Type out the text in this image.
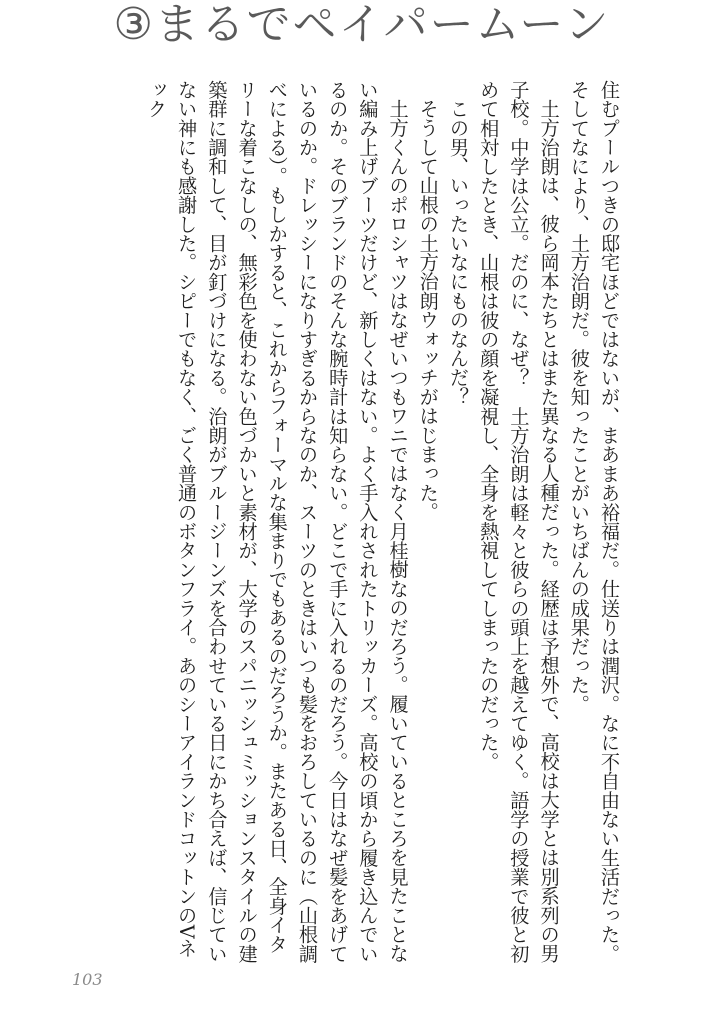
③まるでペイパームーン

住むプールつきの邸宅ほどではないが、まあまあ裕福だ。仕送りは潤沢。なに不自由ない生活だった。そしてなにより、土方治朗だ。彼を知ったことがいちばんの成果だった。

土方治朗は、彼ら岡本たちとはまた異なる人種だった。経歴は予想外で、高校は大学とは別系列の男子校。中学は公立。だのに、なぜ？　土方治朗は軽々と彼らの頭上を越えてゆく。語学の授業で彼と初めて相対したとき、山根は彼の顔を凝視し、全身を熱視してしまったのだった。

この男、いったいなにものなんだ？

そうして山根の土方治朗ウォッチがはじまった。

土方くんのポロシャツはなぜいつもワニではなく月桂樹なのだろう。履いているところを見たことない編み上げブーツだけど、新しくはない。よく手入れされたトリッカーズ。高校の頃から履き込んでいるのか。そのブランドのそんな腕時計は知らない。どこで手に入れるのだろう。今日はなぜ髪をあげているのか。ドレッシーになりすぎるからなのか、スーツのときはいつも髪をおろしているのに（山根調べによる）。もしかすると、これからフォーマルな集まりでもあるのだろうか。またある日、全身イタリーな着こなしの、無彩色を使わない色づかいと素材が、大学のスパニッシュミッションスタイルの建築群に調和して、目が釘づけになる。治朗がブルージーンズを合わせている日にかち合えば、信じていない神にも感謝した。シピーでもなく、ごく普通のボタンフライ。あのシーアイランドコットンのVネック

103
